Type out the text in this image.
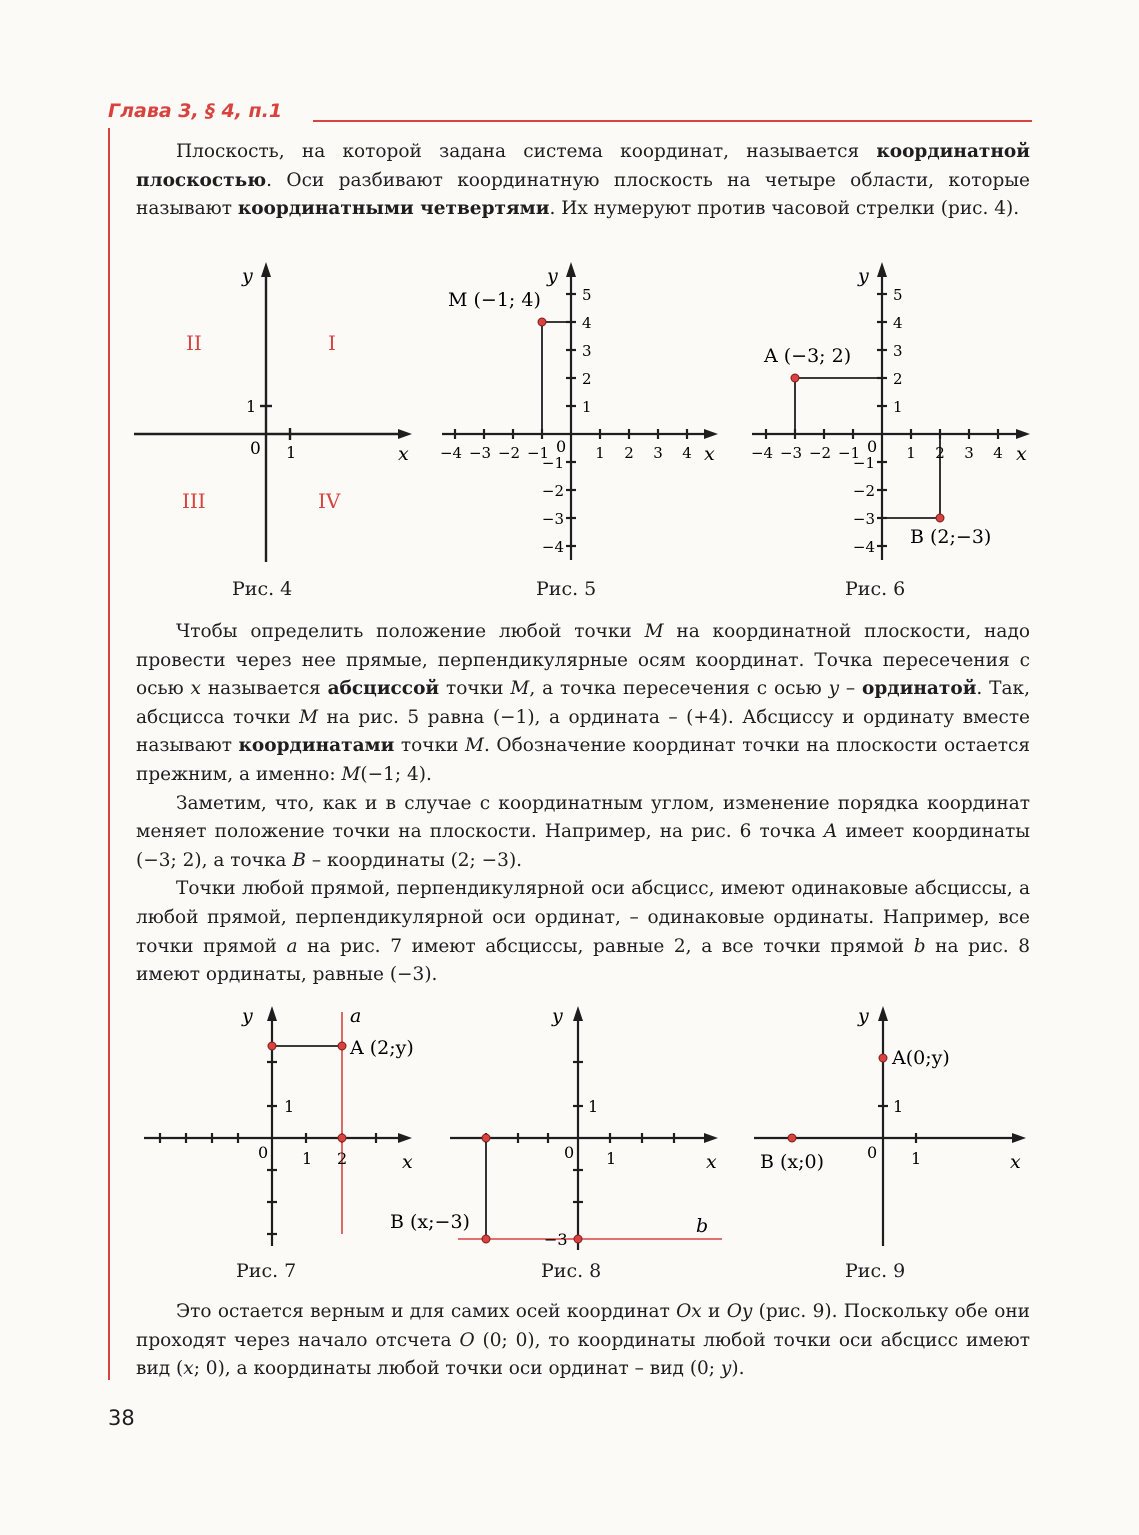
Глава 3, § 4, п.1

Плоскость, на которой задана система координат, называется координатной плоскостью. Оси разбивают координатную плоскость на четыре области, которые называют координатными четвертями. Их нумеруют против часовой стрелки (рис. 4).

y
x
0 1
1
I
II
III	IV
Рис. 4
y
x
0
−4 −3 −2 −1	1 2 3 4
−4
−3
−2
−1
1
2
3
4
5
M (−1; 4)
Рис. 5
y
x
0
−4 −3 −2 −1	1 2 3 4
−4
−3
−2
−1
1
2
3
4
5
A (−3; 2)
B (2;−3)
Рис. 6

Чтобы определить положение любой точки M на координатной плоскости, надо провести через нее прямые, перпендикулярные осям координат. Точка пересечения с осью x называется абсциссой точки M, а точка пересечения с осью y – ординатой. Так, абсцисса точки M на рис. 5 равна (−1), а ордината – (+4). Абсциссу и ординату вместе называют координатами точки M. Обозначение координат точки на плоскости остается прежним, а именно: M(−1; 4).

Заметим, что, как и в случае с координатным углом, изменение порядка координат меняет положение точки на плоскости. Например, на рис. 6 точка A имеет координаты (−3; 2), а точка B – координаты (2; −3).

Точки любой прямой, перпендикулярной оси абсцисс, имеют одинаковые абсциссы, а любой прямой, перпендикулярной оси ординат, – одинаковые ординаты. Например, все точки прямой a на рис. 7 имеют абсциссы, равные 2, а все точки прямой b на рис. 8 имеют ординаты, равные (−3).

y
x
0 1 2
1
a
A (2;y)
Рис. 7
y
x
0 1
1
−3
b
B (x;−3)
Рис. 8
y
x
0 1
1
A(0;y)
B (x;0)
Рис. 9

Это остается верным и для самих осей координат Ox и Oy (рис. 9). Поскольку обе они проходят через начало отсчета O (0; 0), то координаты любой точки оси абсцисс имеют вид (x; 0), а координаты любой точки оси ординат – вид (0; y).

38
